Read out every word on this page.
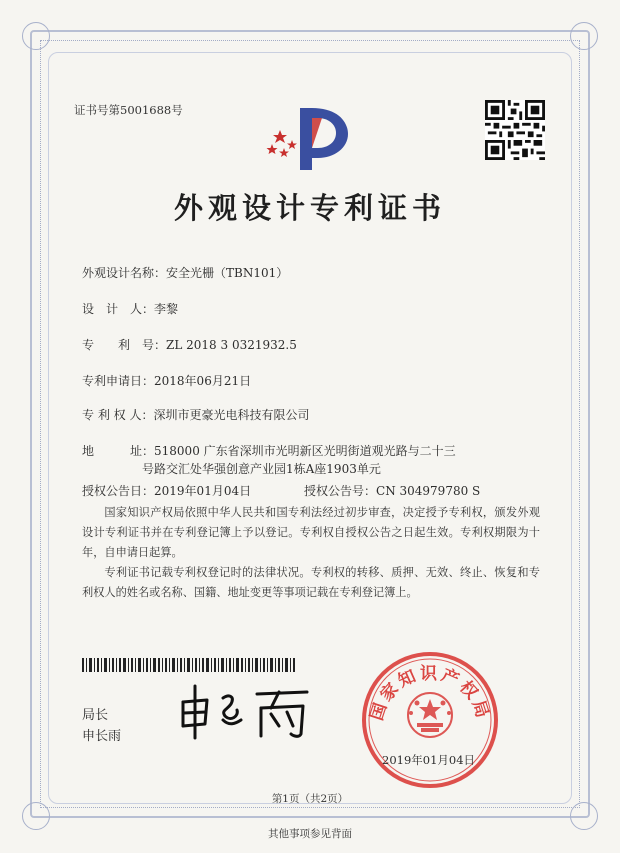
证书号第5001688号
外观设计专利证书
外观设计名称：安全光栅（TBN101）
设　计　人：李黎
专　　利　号：ZL 2018 3 0321932.5
专利申请日：2018年06月21日
专 利 权 人：深圳市更豪光电科技有限公司
地　　　址：518000 广东省深圳市光明新区光明街道观光路与二十三
号路交汇处华强创意产业园1栋A座1903单元
授权公告日：2019年01月04日	授权公告号：CN 304979780 S
国家知识产权局依照中华人民共和国专利法经过初步审查，决定授予专利权，颁发外观设计专利证书并在专利登记簿上予以登记。专利权自授权公告之日起生效。专利权期限为十年，自申请日起算。
专利证书记载专利权登记时的法律状况。专利权的转移、质押、无效、终止、恢复和专利权人的姓名或名称、国籍、地址变更等事项记载在专利登记簿上。
局长
申长雨
国家知识产权局
2019年01月04日
第1页（共2页）
其他事项参见背面
